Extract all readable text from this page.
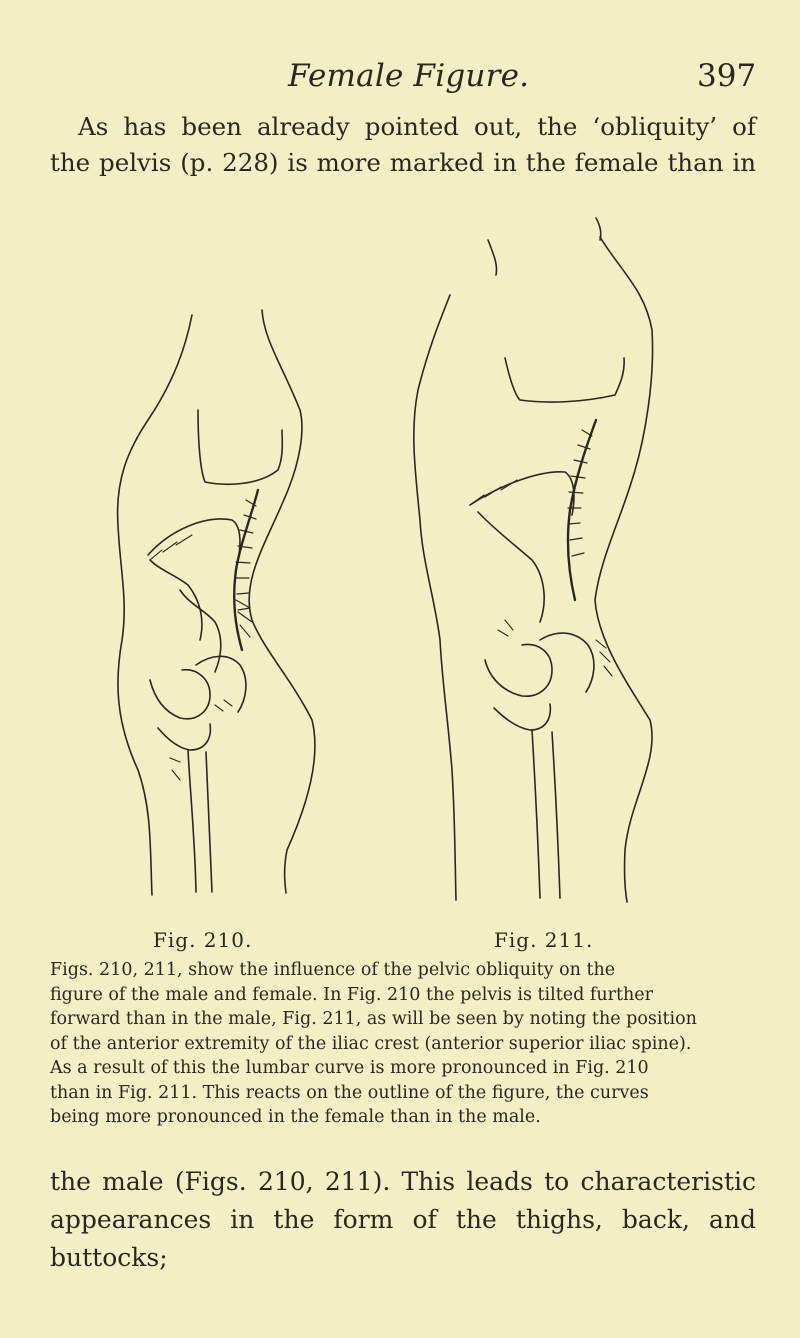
Female Figure.	397

As has been already pointed out, the ‘obliquity’ of
the pelvis (p. 228) is more marked in the female than in

Fig. 210.	Fig. 211.

Figs. 210, 211, show the influence of the pelvic obliquity on the
figure of the male and female. In Fig. 210 the pelvis is tilted further
forward than in the male, Fig. 211, as will be seen by noting the position
of the anterior extremity of the iliac crest (anterior superior iliac spine).
As a result of this the lumbar curve is more pronounced in Fig. 210
than in Fig. 211. This reacts on the outline of the figure, the curves
being more pronounced in the female than in the male.

the male (Figs. 210, 211). This leads to characteristic
appearances in the form of the thighs, back, and buttocks;
